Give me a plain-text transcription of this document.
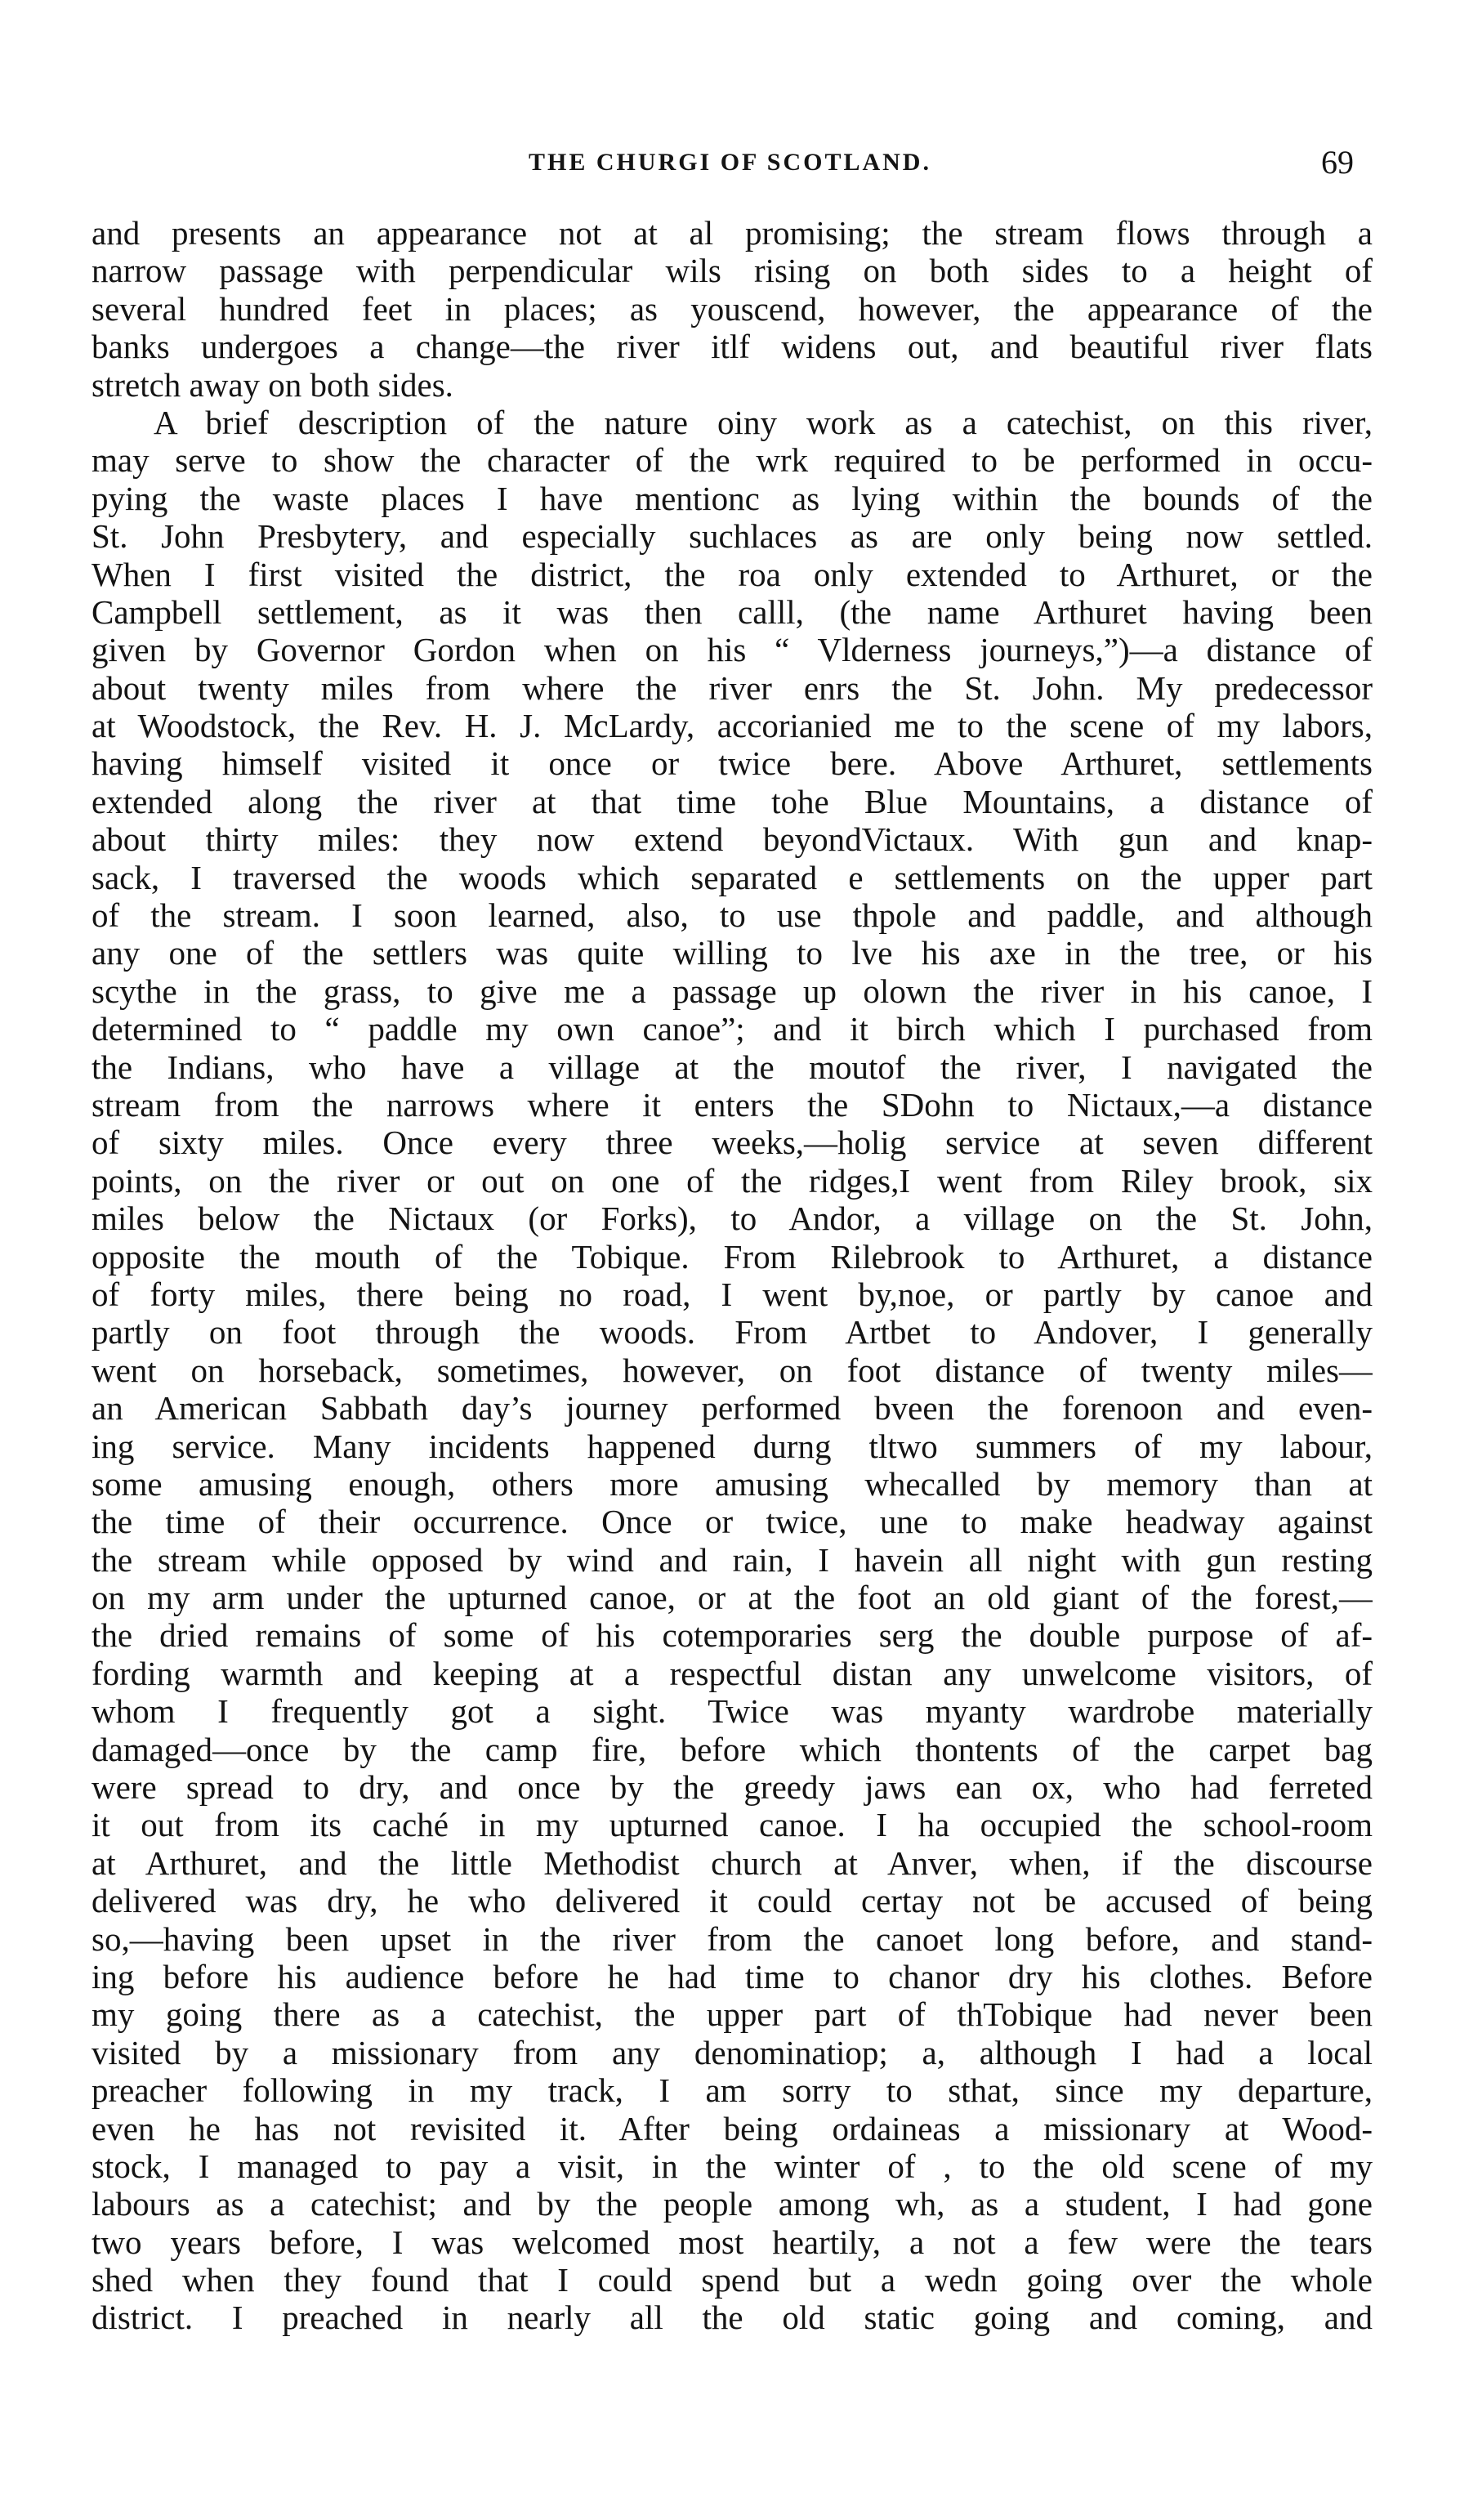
THE CHURGI OF SCOTLAND.	69
and presents an appearance not at al promising; the stream flows through a
narrow passage with perpendicular wils rising on both sides to a height of
several hundred feet in places; as youscend, however, the appearance of the
banks undergoes a change—the river itlf widens out, and beautiful river flats
stretch away on both sides.
A brief description of the nature oiny work as a catechist, on this river,
may serve to show the character of the wrk required to be performed in occu-
pying the waste places I have mentionc as lying within the bounds of the
St. John Presbytery, and especially suchlaces as are only being now settled.
When I first visited the district, the roa only extended to Arthuret, or the
Campbell settlement, as it was then calll, (the name Arthuret having been
given by Governor Gordon when on his “ Vlderness journeys,”)—a distance of
about twenty miles from where the river enrs the St. John. My predecessor
at Woodstock, the Rev. H. J. McLardy, accorianied me to the scene of my labors,
having himself visited it once or twice bere. Above Arthuret, settlements
extended along the river at that time tohe Blue Mountains, a distance of
about thirty miles: they now extend beyondVictaux. With gun and knap-
sack, I traversed the woods which separated e settlements on the upper part
of the stream. I soon learned, also, to use thpole and paddle, and although
any one of the settlers was quite willing to lve his axe in the tree, or his
scythe in the grass, to give me a passage up olown the river in his canoe, I
determined to “ paddle my own canoe”; and it birch which I purchased from
the Indians, who have a village at the moutof the river, I navigated the
stream from the narrows where it enters the SDohn to Nictaux,—a distance
of sixty miles. Once every three weeks,—holig service at seven different
points, on the river or out on one of the ridges,I went from Riley brook, six
miles below the Nictaux (or Forks), to Andor, a village on the St. John,
opposite the mouth of the Tobique. From Rilebrook to Arthuret, a distance
of forty miles, there being no road, I went by,noe, or partly by canoe and
partly on foot through the woods. From Artbet to Andover, I generally
went on horseback, sometimes, however, on foot distance of twenty miles—
an American Sabbath day’s journey performed bveen the forenoon and even-
ing service. Many incidents happened durng tltwo summers of my labour,
some amusing enough, others more amusing whecalled by memory than at
the time of their occurrence. Once or twice, une to make headway against
the stream while opposed by wind and rain, I havein all night with gun resting
on my arm under the upturned canoe, or at the foot an old giant of the forest,—
the dried remains of some of his cotemporaries serg the double purpose of af-
fording warmth and keeping at a respectful distan any unwelcome visitors, of
whom I frequently got a sight. Twice was myanty wardrobe materially
damaged—once by the camp fire, before which thontents of the carpet bag
were spread to dry, and once by the greedy jaws ean ox, who had ferreted
it out from its caché in my upturned canoe. I ha occupied the school-room
at Arthuret, and the little Methodist church at Anver, when, if the discourse
delivered was dry, he who delivered it could certay not be accused of being
so,—having been upset in the river from the canoet long before, and stand-
ing before his audience before he had time to chanor dry his clothes. Before
my going there as a catechist, the upper part of thTobique had never been
visited by a missionary from any denominatiop; a, although I had a local
preacher following in my track, I am sorry to sthat, since my departure,
even he has not revisited it. After being ordaineas a missionary at Wood-
stock, I managed to pay a visit, in the winter of , to the old scene of my
labours as a catechist; and by the people among wh, as a student, I had gone
two years before, I was welcomed most heartily, a not a few were the tears
shed when they found that I could spend but a wedn going over the whole
district. I preached in nearly all the old static going and coming, and
